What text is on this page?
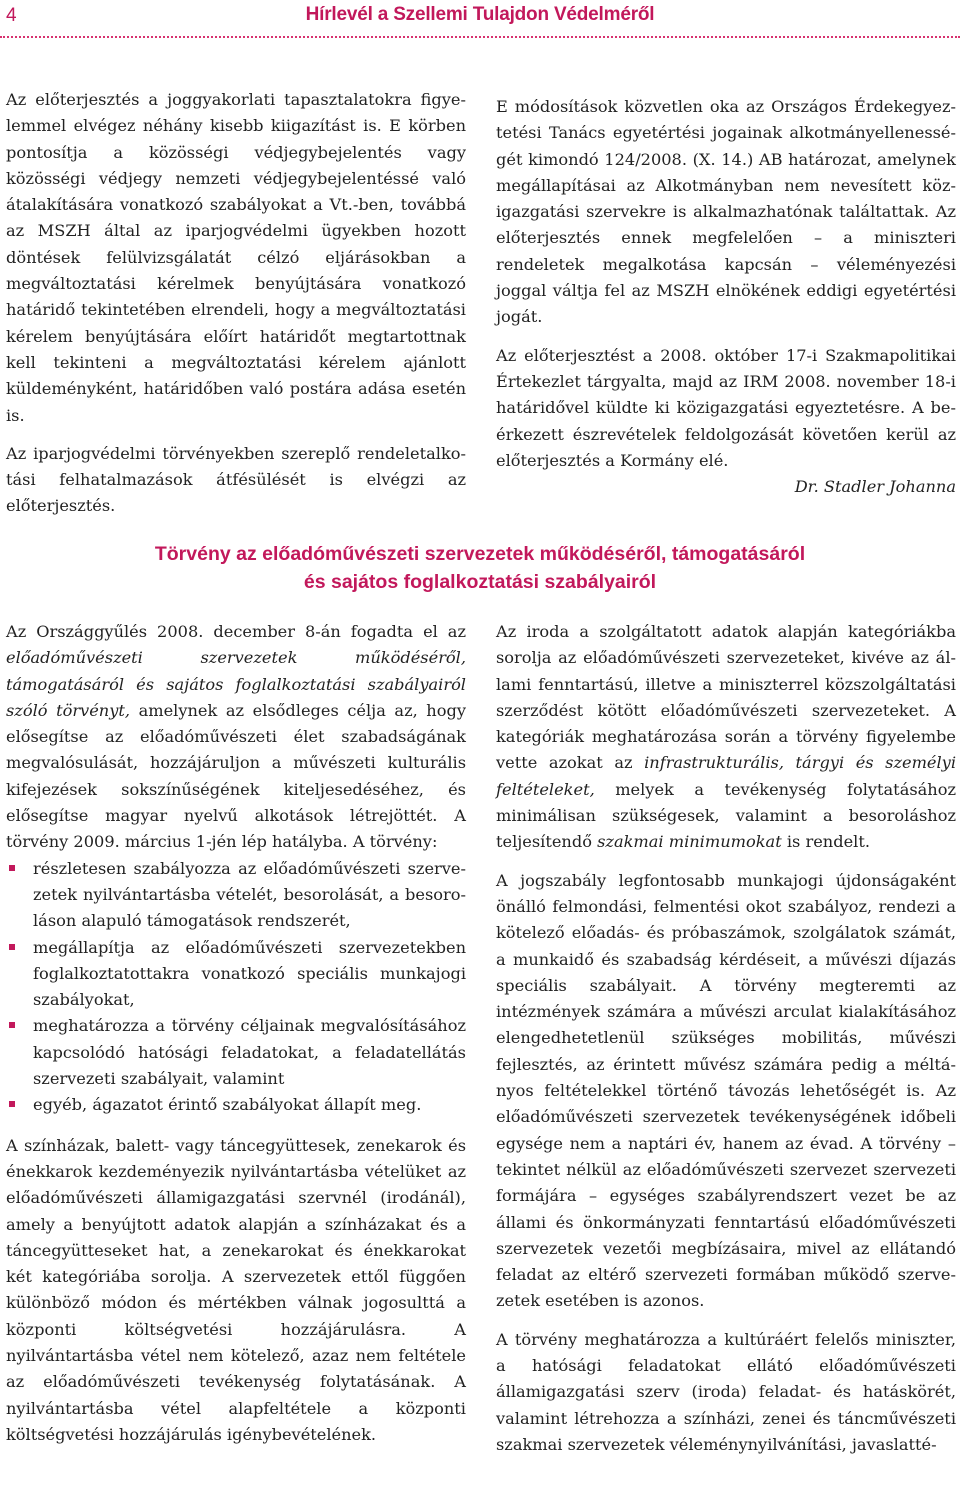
4	Hírlevél a Szellemi Tulajdon Védelméről

Az előterjesztés a joggyakorlati tapasztalatokra figyelemmel elvégez néhány kisebb kiigazítást is. E körben pontosítja a közösségi védjegybejelentés vagy közösségi védjegy nemzeti védjegybejelentéssé való átalakítására vonatkozó szabályokat a Vt.-ben, továbbá az MSZH által az iparjogvédelmi ügyekben hozott döntések felülvizsgálatát célzó eljárásokban a megváltoztatási kérelmek benyújtására vonatkozó határidő tekintetében elrendeli, hogy a megváltoztatási kérelem benyújtására előírt határidőt megtartottnak kell tekinteni a megváltoztatási kérelem ajánlott küldeményként, határidőben való postára adása esetén is.

Az iparjogvédelmi törvényekben szereplő rendeletalkotási felhatalmazások átfésülését is elvégzi az előterjesztés.

E módosítások közvetlen oka az Országos Érdekegyeztetési Tanács egyetértési jogainak alkotmányellenességét kimondó 124/2008. (X. 14.) AB határozat, amelynek megállapításai az Alkotmányban nem nevesített közigazgatási szervekre is alkalmazhatónak találtattak. Az előterjesztés ennek megfelelően – a miniszteri rendeletek megalkotása kapcsán – véleményezési joggal váltja fel az MSZH elnökének eddigi egyetértési jogát.

Az előterjesztést a 2008. október 17-i Szakmapolitikai Értekezlet tárgyalta, majd az IRM 2008. november 18-i határidővel küldte ki közigazgatási egyeztetésre. A beérkezett észrevételek feldolgozását követően kerül az előterjesztés a Kormány elé.

Dr. Stadler Johanna
Törvény az előadóművészeti szervezetek működéséről, támogatásáról
és sajátos foglalkoztatási szabályairól

Az Országgyűlés 2008. december 8-án fogadta el az előadóművészeti szervezetek működéséről, támogatásáról és sajátos foglalkoztatási szabályairól szóló törvényt, amelynek az elsődleges célja az, hogy elősegítse az előadóművészeti élet szabadságának megvalósulását, hozzájáruljon a művészeti kulturális kifejezések sokszínűségének kiteljesedéséhez, és elősegítse magyar nyelvű alkotások létrejöttét. A törvény 2009. március 1-jén lép hatályba. A törvény:

részletesen szabályozza az előadóművészeti szervezetek nyilvántartásba vételét, besorolását, a besoroláson alapuló támogatások rendszerét,
megállapítja az előadóművészeti szervezetekben foglalkoztatottakra vonatkozó speciális munkajogi szabályokat,
meghatározza a törvény céljainak megvalósításához kapcsolódó hatósági feladatokat, a feladatellátás szervezeti szabályait, valamint
egyéb, ágazatot érintő szabályokat állapít meg.

A színházak, balett- vagy táncegyüttesek, zenekarok és énekkarok kezdeményezik nyilvántartásba vételüket az előadóművészeti államigazgatási szervnél (irodánál), amely a benyújtott adatok alapján a színházakat és a táncegyütteseket hat, a zenekarokat és énekkarokat két kategóriába sorolja. A szervezetek ettől függően különböző módon és mértékben válnak jogosulttá a központi költségvetési hozzájárulásra. A nyilvántartásba vétel nem kötelező, azaz nem feltétele az előadóművészeti tevékenység folytatásának. A nyilvántartásba vétel alapfeltétele a központi költségvetési hozzájárulás igénybevételének.

Az iroda a szolgáltatott adatok alapján kategóriákba sorolja az előadóművészeti szervezeteket, kivéve az állami fenntartású, illetve a miniszterrel közszolgáltatási szerződést kötött előadóművészeti szervezeteket. A kategóriák meghatározása során a törvény figyelembe vette azokat az infrastrukturális, tárgyi és személyi feltételeket, melyek a tevékenység folytatásához minimálisan szükségesek, valamint a besoroláshoz teljesítendő szakmai minimumokat is rendelt.

A jogszabály legfontosabb munkajogi újdonságaként önálló felmondási, felmentési okot szabályoz, rendezi a kötelező előadás- és próbaszámok, szolgálatok számát, a munkaidő és szabadság kérdéseit, a művészi díjazás speciális szabályait. A törvény megteremti az intézmények számára a művészi arculat kialakításához elengedhetetlenül szükséges mobilitás, művészi fejlesztés, az érintett művész számára pedig a méltányos feltételekkel történő távozás lehetőségét is. Az előadóművészeti szervezetek tevékenységének időbeli egysége nem a naptári év, hanem az évad. A törvény – tekintet nélkül az előadóművészeti szervezet szervezeti formájára – egységes szabályrendszert vezet be az állami és önkormányzati fenntartású előadóművészeti szervezetek vezetői megbízásaira, mivel az ellátandó feladat az eltérő szervezeti formában működő szervezetek esetében is azonos.

A törvény meghatározza a kultúráért felelős miniszter, a hatósági feladatokat ellátó előadóművészeti államigazgatási szerv (iroda) feladat- és hatáskörét, valamint létrehozza a színházi, zenei és táncművészeti szakmai szervezetek véleménynyilvánítási, javaslatté-
